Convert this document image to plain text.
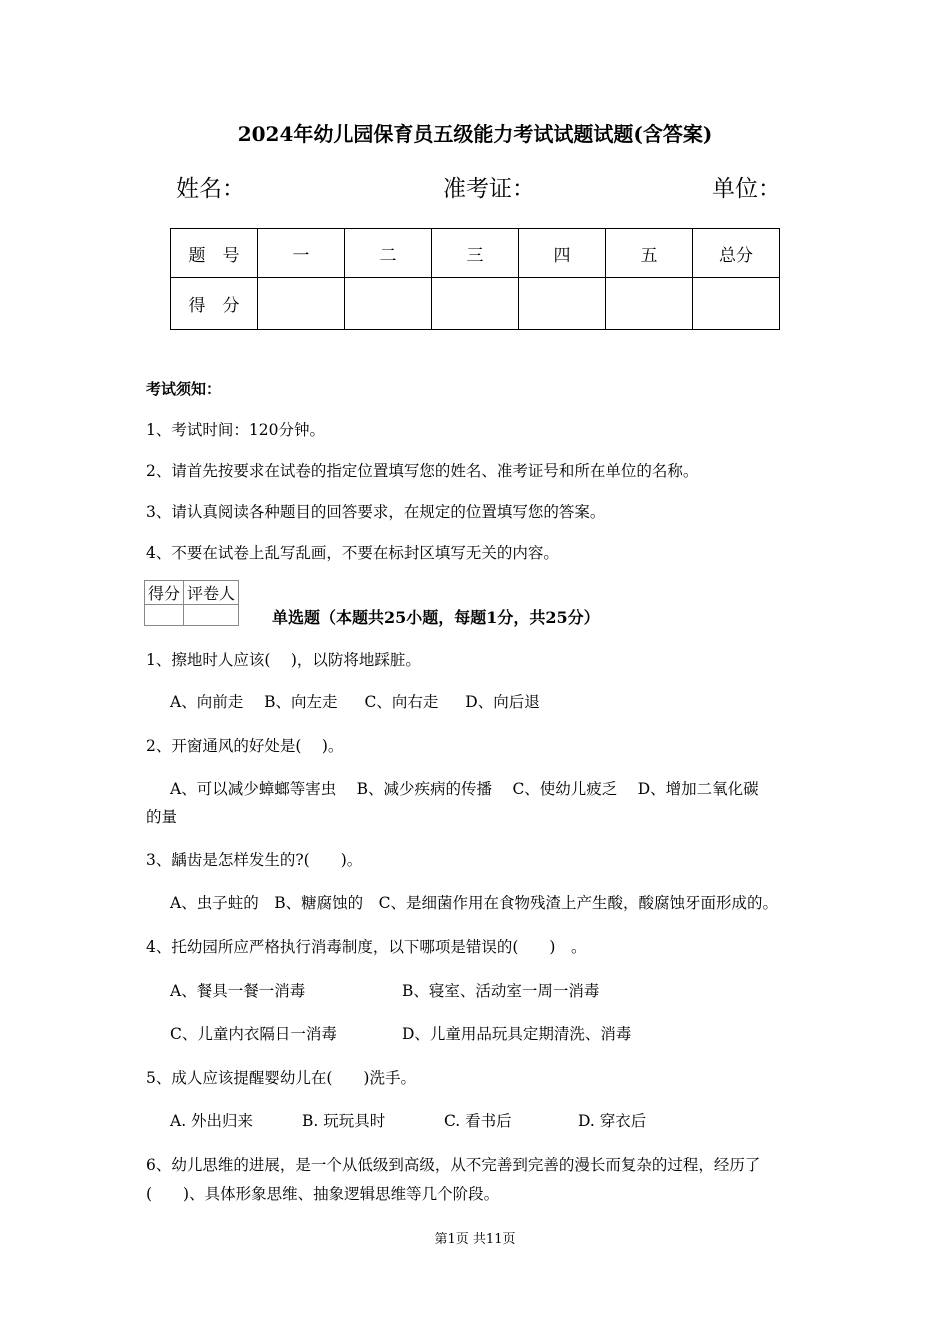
2024年幼儿园保育员五级能力考试试题试题(含答案)
姓名：	准考证：	单位：
题　号	一	二	三	四	五	总分
得　分						
考试须知：
1、考试时间：120分钟。
2、请首先按要求在试卷的指定位置填写您的姓名、准考证号和所在单位的名称。
3、请认真阅读各种题目的回答要求，在规定的位置填写您的答案。
4、不要在试卷上乱写乱画，不要在标封区填写无关的内容。
得分	评卷人

单选题（本题共25小题，每题1分，共25分）
1、擦地时人应该(　 )，以防将地踩脏。
A、向前走 B、向左走 C、向右走 D、向后退
2、开窗通风的好处是(　 )。
A、可以减少蟑螂等害虫　 B、减少疾病的传播　 C、使幼儿疲乏　 D、增加二氧化碳
的量
3、龋齿是怎样发生的?(　　)。
A、虫子蛀的　B、糖腐蚀的　C、是细菌作用在食物残渣上产生酸，酸腐蚀牙面形成的。
4、托幼园所应严格执行消毒制度，以下哪项是错误的(　　)　。
A、餐具一餐一消毒	B、寝室、活动室一周一消毒
C、儿童内衣隔日一消毒	D、儿童用品玩具定期清洗、消毒
5、成人应该提醒婴幼儿在(　　)洗手。
A. 外出归来	B. 玩玩具时	C. 看书后	D. 穿衣后
6、幼儿思维的进展，是一个从低级到高级，从不完善到完善的漫长而复杂的过程，经历了
(　　)、具体形象思维、抽象逻辑思维等几个阶段。
第1页 共11页
